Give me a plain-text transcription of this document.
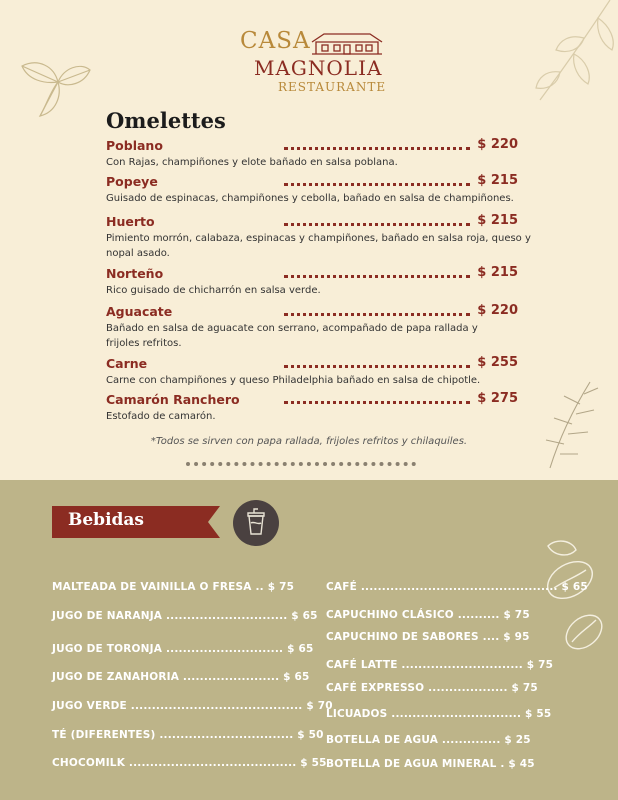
CASA
MAGNOLIA
RESTAURANTE
Omelettes
Poblano	$ 220
Con Rajas, champiñones y elote bañado en salsa poblana.
Popeye	$ 215
Guisado de espinacas, champiñones y cebolla, bañado en salsa de champiñones.
Huerto	$ 215
Pimiento morrón, calabaza, espinacas y champiñones, bañado en salsa roja, queso y nopal asado.
Norteño	$ 215
Rico guisado de chicharrón en salsa verde.
Aguacate	$ 220
Bañado en salsa de aguacate con serrano, acompañado de papa rallada y frijoles refritos.
Carne	$ 255
Carne con champiñones y queso Philadelphia bañado en salsa de chipotle.
Camarón Ranchero	$ 275
Estofado de camarón.
*Todos se sirven con papa rallada, frijoles refritos y chilaquiles.
Bebidas
MALTEADA DE VAINILLA O FRESA .. $ 75
JUGO DE NARANJA ............................. $ 65
JUGO DE TORONJA ............................ $ 65
JUGO DE ZANAHORIA ....................... $ 65
JUGO VERDE ......................................... $ 70
TÉ (DIFERENTES) ................................ $ 50
CHOCOMILK ........................................ $ 55
CAFÉ ............................................... $ 65
CAPUCHINO CLÁSICO .......... $ 75
CAPUCHINO DE SABORES .... $ 95
CAFÉ LATTE ............................. $ 75
CAFÉ EXPRESSO ................... $ 75
LICUADOS ............................... $ 55
BOTELLA DE AGUA .............. $ 25
BOTELLA DE AGUA MINERAL . $ 45
